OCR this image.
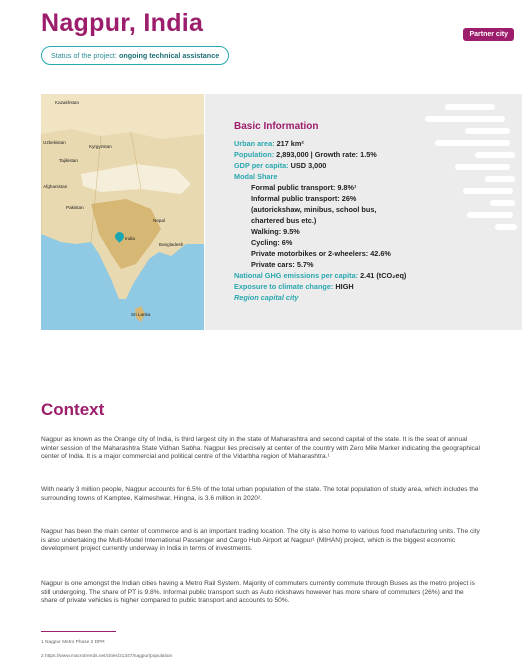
Nagpur, India	Partner city
Status of the project: ongoing technical assistance
Kazakhstan
Uzbekistan
Kyrgyzstan
Tajikistan
Afghanistan
Pakistan
Nepal
India
Bangladesh
Sri Lanka
Basic Information
Urban area: 217 km²
Population: 2,893,000 | Growth rate: 1.5%
GDP per capita: USD 3,000
Modal Share
Formal public transport: 9.8%¹
Informal public transport: 26%
(autorickshaw, minibus, school bus,
chartered bus etc.)
Walking: 9.5%
Cycling: 6%
Private motorbikes or 2-wheelers: 42.6%
Private cars: 5.7%
National GHG emissions per capita: 2.41 (tCO₂eq)
Exposure to climate change: HIGH
Region capital city
Context
Nagpur as known as the Orange city of India, is third largest city in the state of Maharashtra and second capital of the state. It is the seat of annual winter session of the Maharashtra State Vidhan Sabha. Nagpur lies precisely at center of the country with Zero Mile Marker indicating the geographical center of India. It is a major commercial and political centre of the Vidarbha region of Maharashtra.¹
With nearly 3 million people, Nagpur accounts for 6.5% of the total urban population of the state. The total population of study area, which includes the surrounding towns of Kamptee, Kalmeshwar, Hingna, is 3.6 million in 2020².
Nagpur has been the main center of commerce and is an important trading location. The city is also home to various food manufacturing units. The city is also undertaking the Multi-Model International Passenger and Cargo Hub Airport at Nagpur¹ (MIHAN) project, which is the biggest economic development project currently underway in India in terms of investments.
Nagpur is one amongst the Indian cities having a Metro Rail System. Majority of commuters currently commute through Buses as the metro project is still undergoing. The share of PT is 9.8%. Informal public transport such as Auto rickshaws however has more share of commuters (26%) and the share of private vehicles is higher compared to public transport and accounts to 50%.
1 Nagpur Metro Phase 2 DPR
2 https://www.macrotrends.net/cities/21347/nagpur/population
